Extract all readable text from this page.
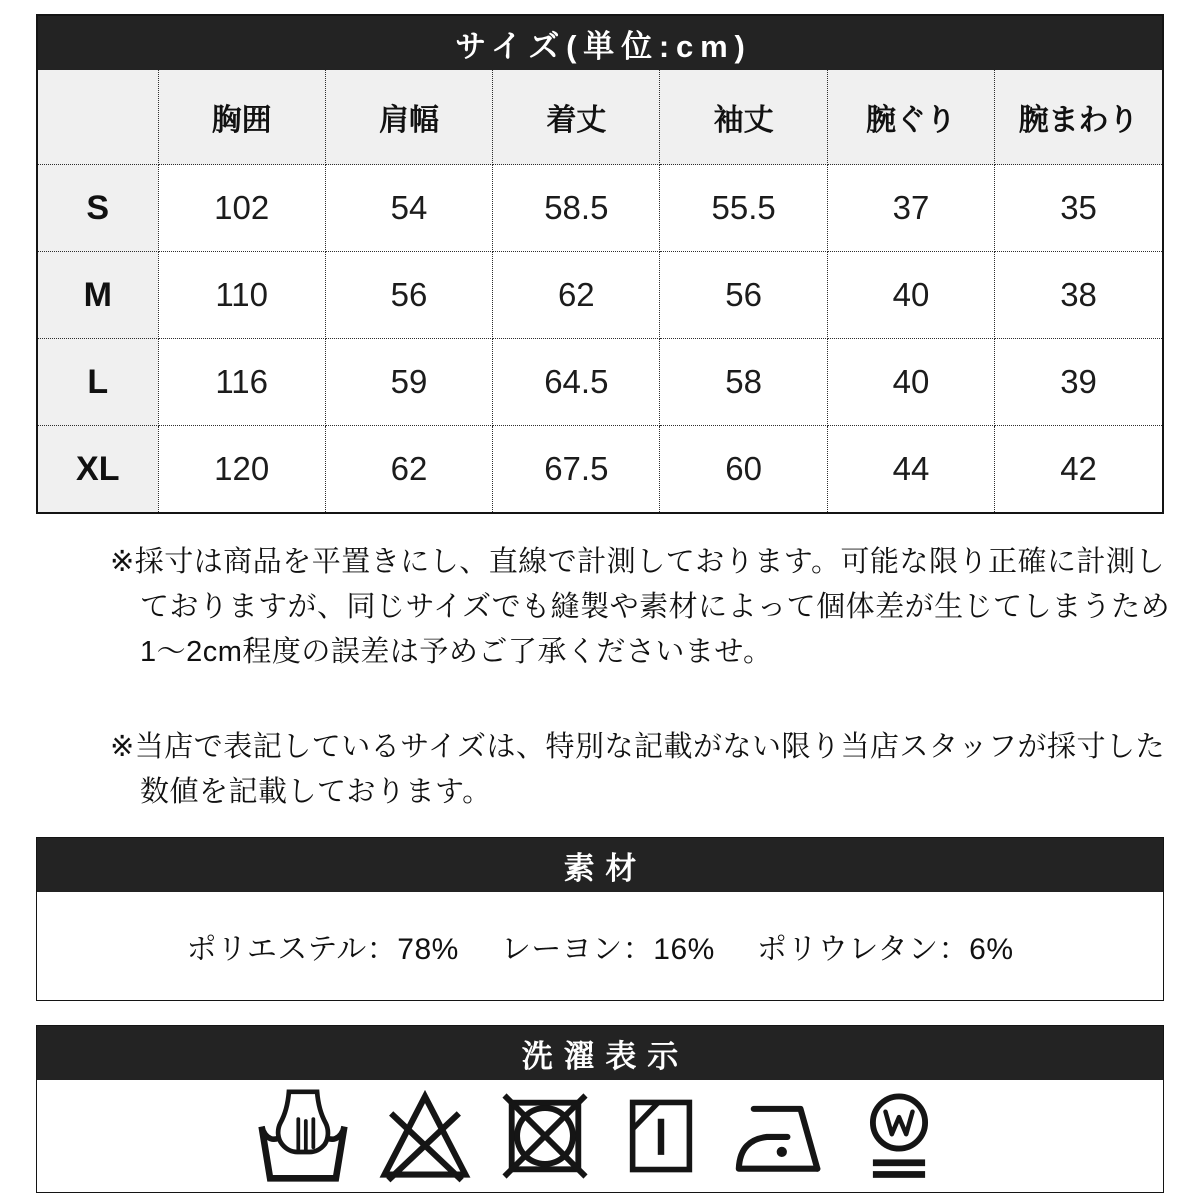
サイズ(単位:cm)
	胸囲	肩幅	着丈	袖丈	腕ぐり	腕まわり
S	102	54	58.5	55.5	37	35
M	110	56	62	56	40	38
L	116	59	64.5	58	40	39
XL	120	62	67.5	60	44	42
※採寸は商品を平置きにし、直線で計測しております。可能な限り正確に計測し
ておりますが、同じサイズでも縫製や素材によって個体差が生じてしまうため
1〜2cm程度の誤差は予めご了承くださいませ。
※当店で表記しているサイズは、特別な記載がない限り当店スタッフが採寸した
数値を記載しております。
素材
ポリエステル：78% レーヨン：16% ポリウレタン：6%
洗濯表示
